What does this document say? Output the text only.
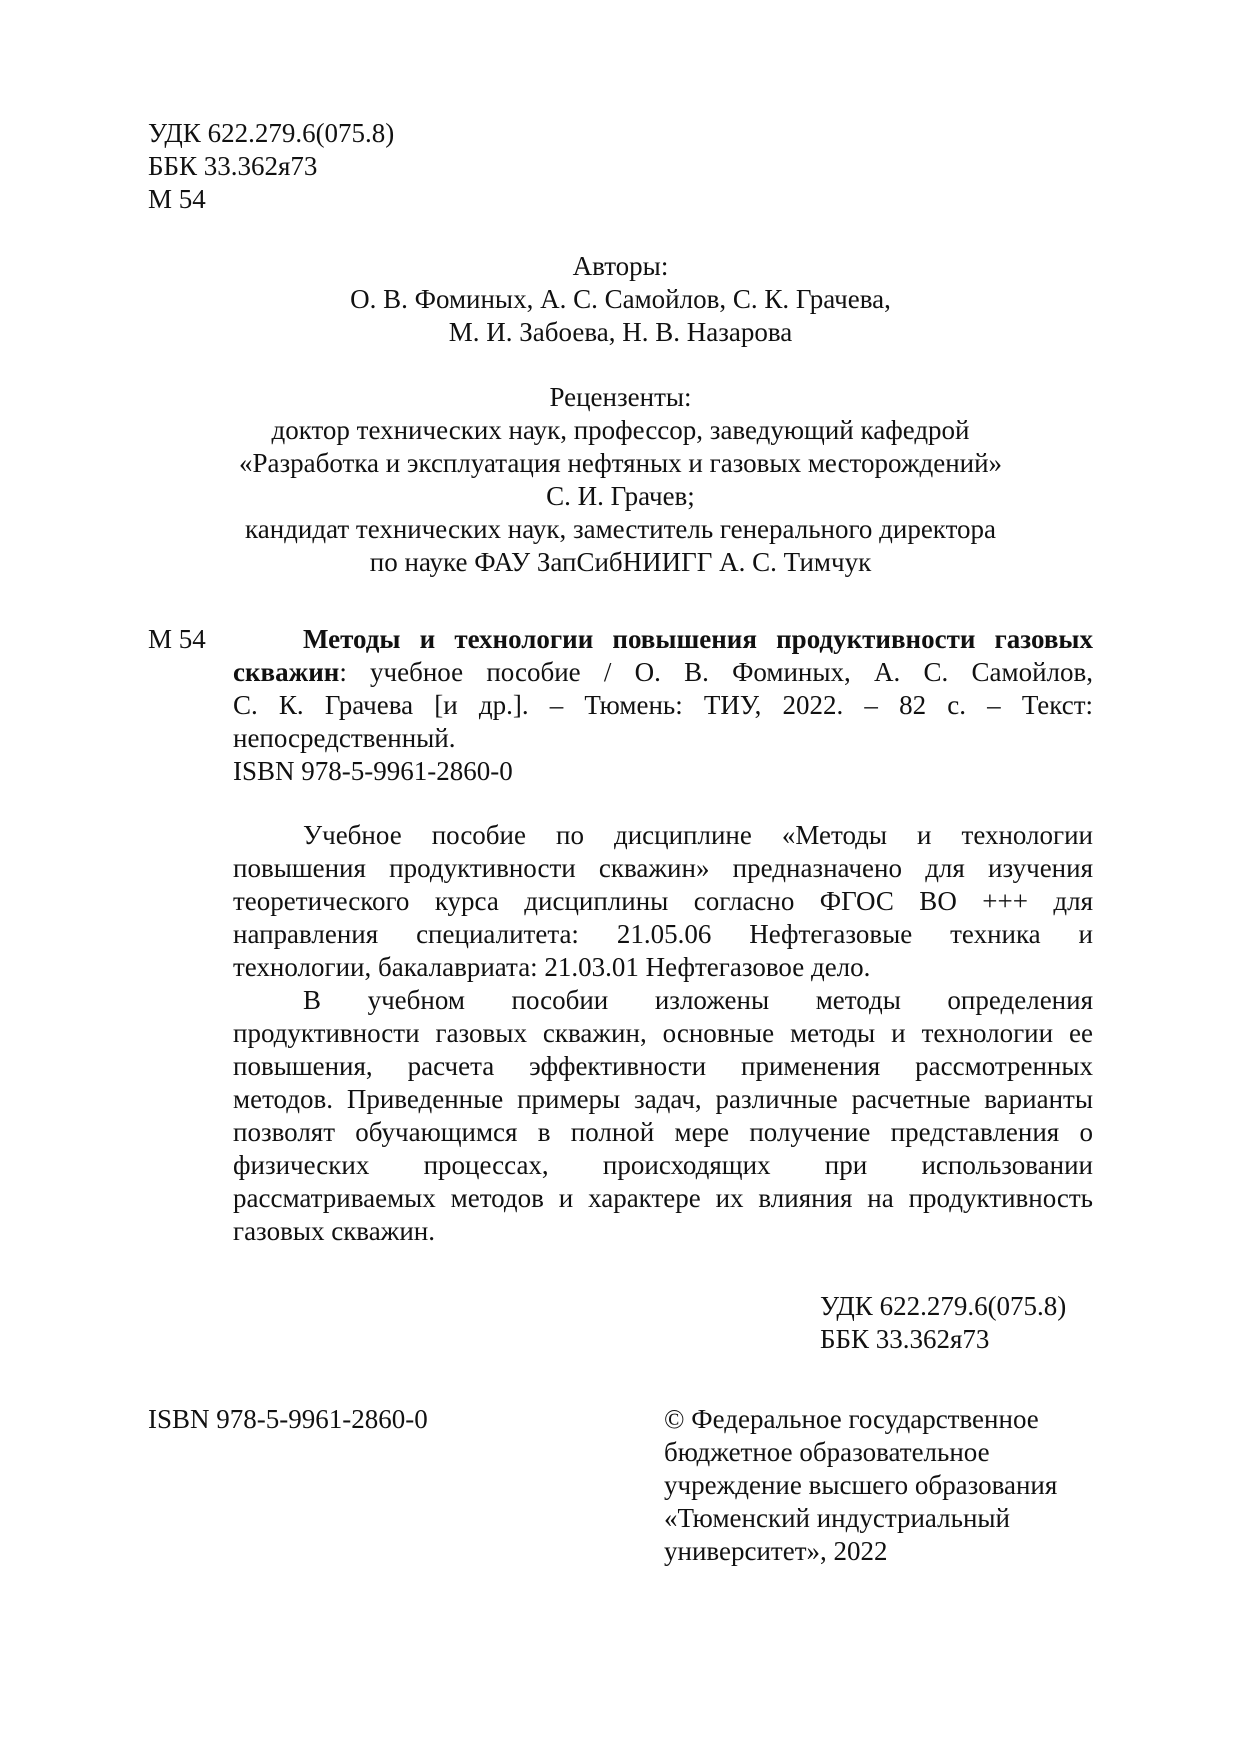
УДК 622.279.6(075.8)
ББК 33.362я73
М 54
Авторы:
О. В. Фоминых, А. С. Самойлов, С. К. Грачева,
М. И. Забоева, Н. В. Назарова
Рецензенты:
доктор технических наук, профессор, заведующий кафедрой
«Разработка и эксплуатация нефтяных и газовых месторождений»
С. И. Грачев;
кандидат технических наук, заместитель генерального директора
по науке ФАУ ЗапСибНИИГГ А. С. Тимчук
М 54	Методы и технологии повышения продуктивности газовых
скважин: учебное пособие / О. В. Фоминых, А. С. Самойлов,
С. К. Грачева [и др.]. – Тюмень: ТИУ, 2022. – 82 с. – Текст:
непосредственный.
ISBN 978-5-9961-2860-0
Учебное пособие по дисциплине «Методы и технологии
повышения продуктивности скважин» предназначено для изучения
теоретического курса дисциплины согласно ФГОС ВО +++ для
направления специалитета: 21.05.06 Нефтегазовые техника и
технологии, бакалавриата: 21.03.01 Нефтегазовое дело.
В учебном пособии изложены методы определения
продуктивности газовых скважин, основные методы и технологии ее
повышения, расчета эффективности применения рассмотренных
методов. Приведенные примеры задач, различные расчетные варианты
позволят обучающимся в полной мере получение представления о
физических процессах, происходящих при использовании
рассматриваемых методов и характере их влияния на продуктивность
газовых скважин.
УДК 622.279.6(075.8)
ББК 33.362я73
ISBN 978-5-9961-2860-0	© Федеральное государственное
бюджетное образовательное
учреждение высшего образования
«Тюменский индустриальный
университет», 2022
